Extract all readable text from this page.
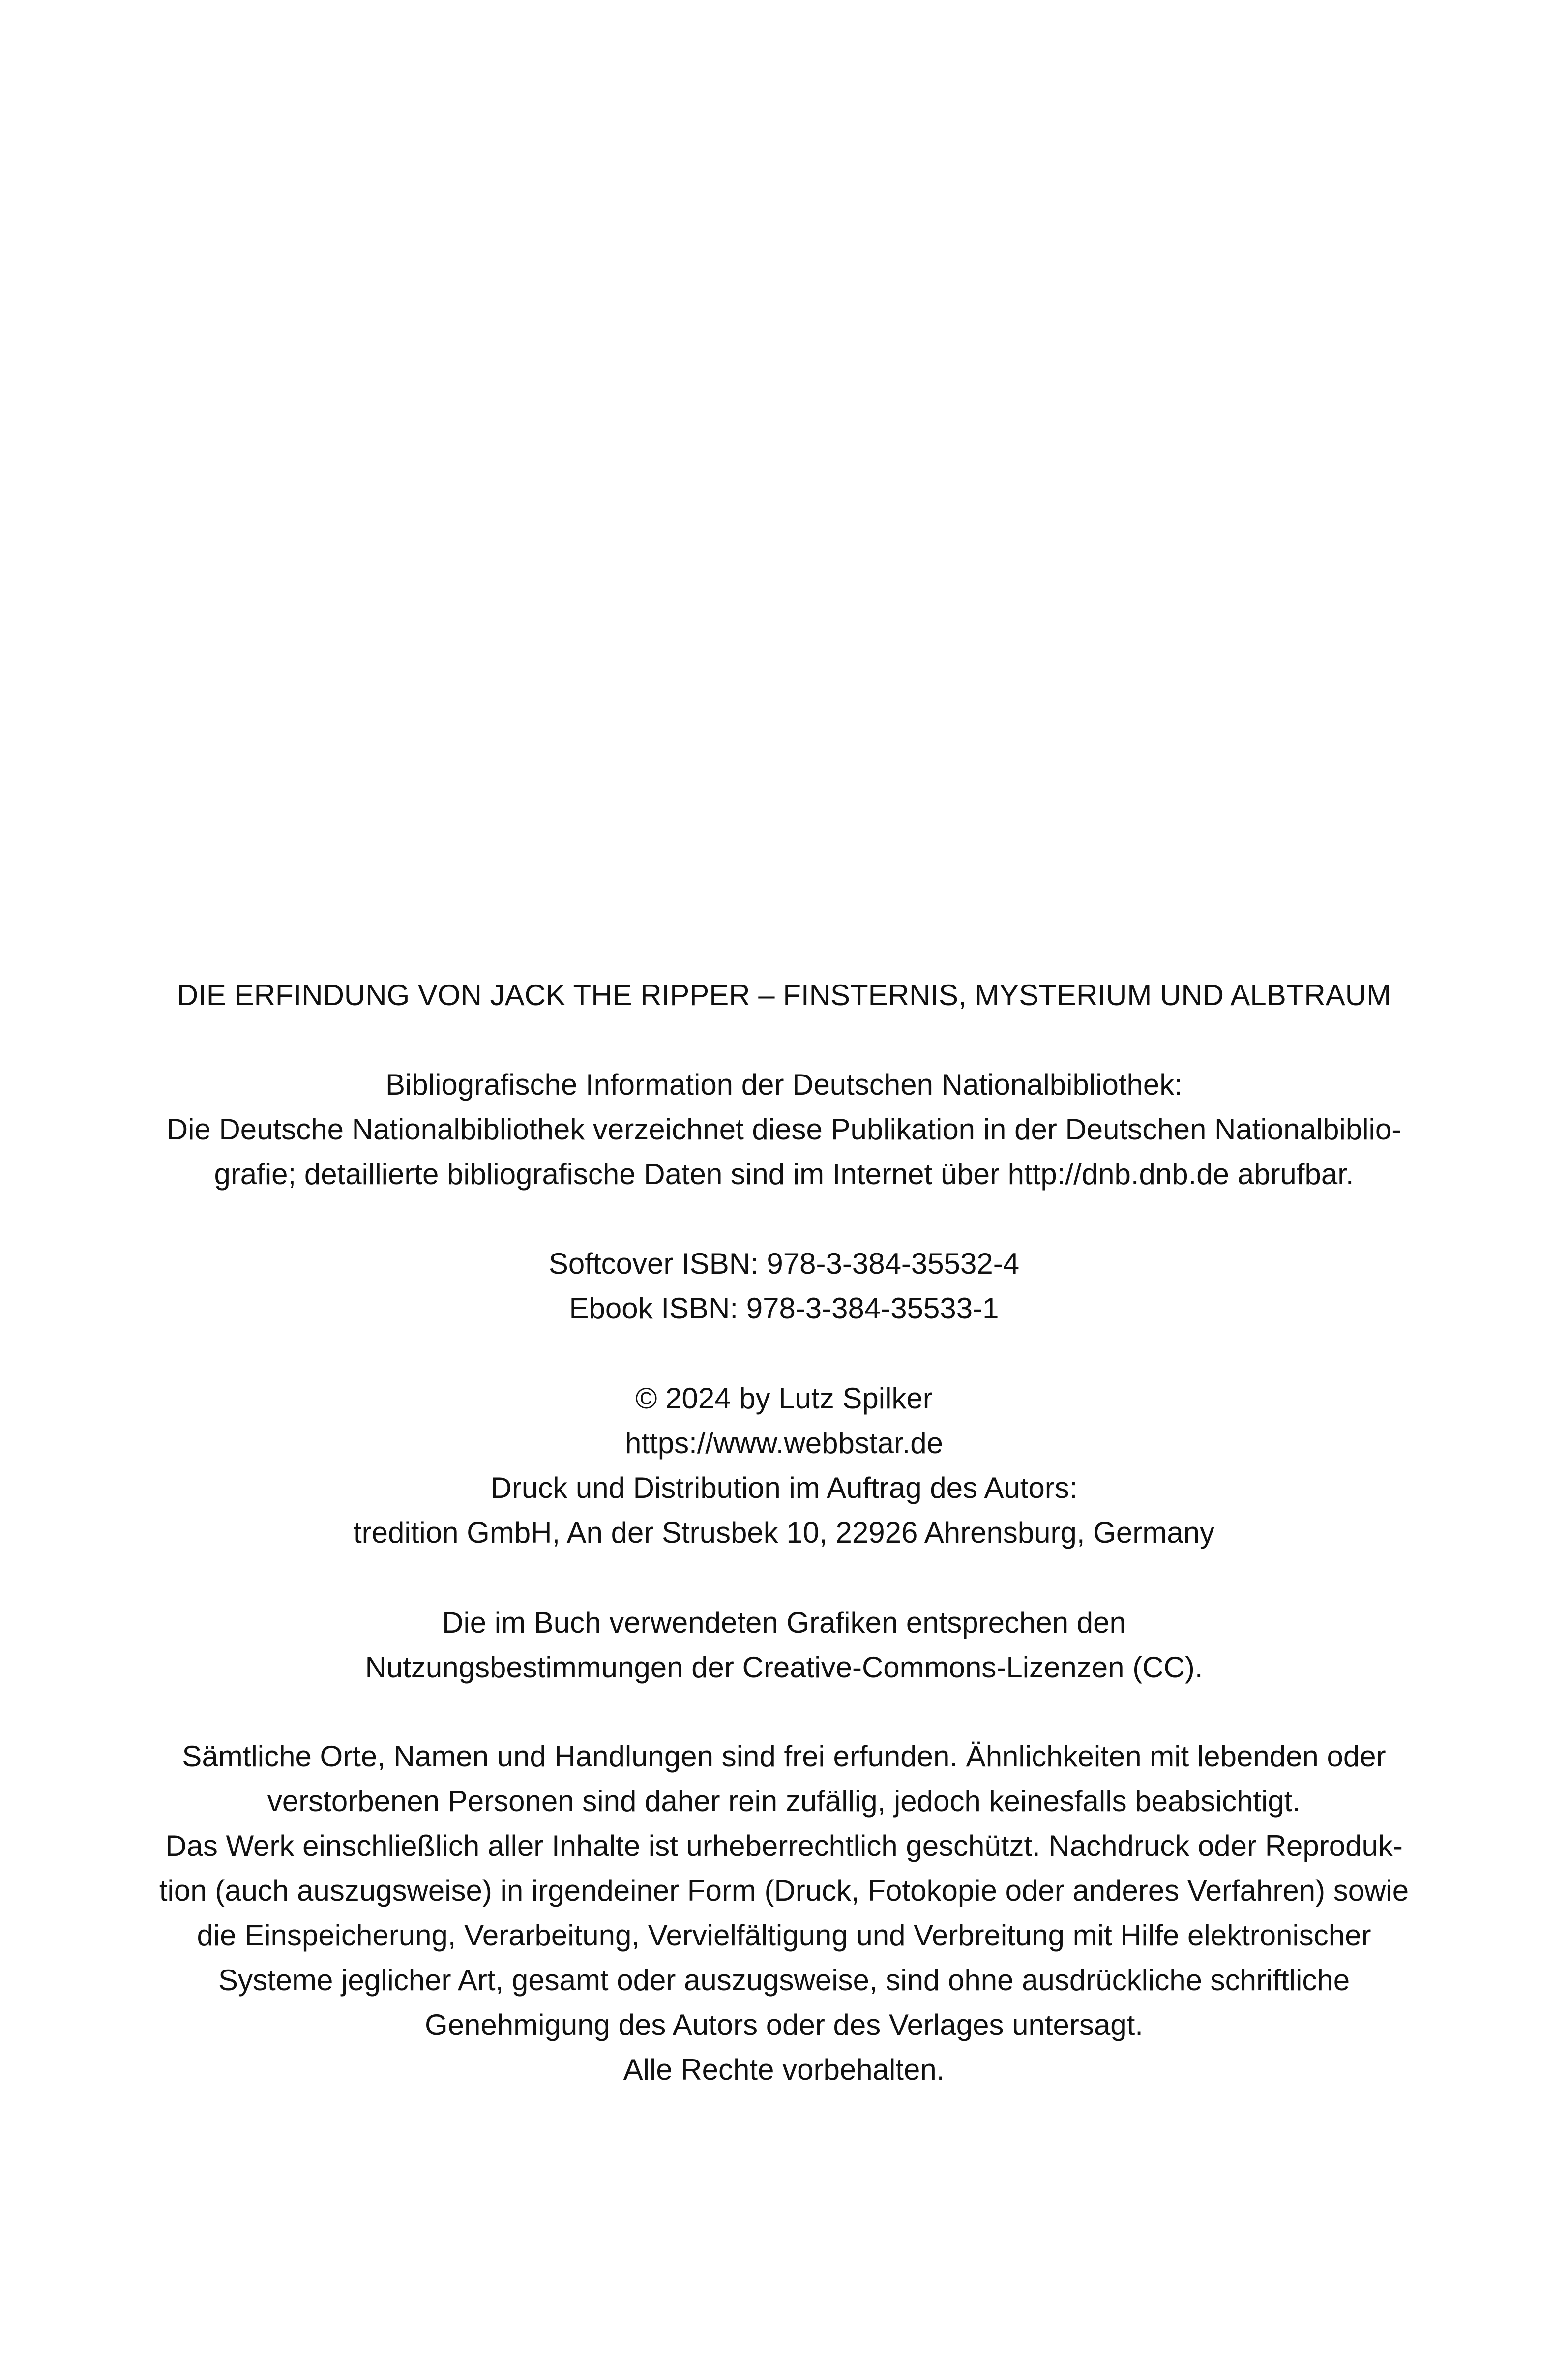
DIE ERFINDUNG VON JACK THE RIPPER – FINSTERNIS, MYSTERIUM UND ALBTRAUM
Bibliografische Information der Deutschen Nationalbibliothek:
Die Deutsche Nationalbibliothek verzeichnet diese Publikation in der Deutschen Nationalbiblio-
grafie; detaillierte bibliografische Daten sind im Internet über http://dnb.dnb.de abrufbar.
Softcover ISBN: 978-3-384-35532-4
Ebook ISBN: 978-3-384-35533-1
© 2024 by Lutz Spilker
https://www.webbstar.de
Druck und Distribution im Auftrag des Autors:
tredition GmbH, An der Strusbek 10, 22926 Ahrensburg, Germany
Die im Buch verwendeten Grafiken entsprechen den
Nutzungsbestimmungen der Creative-Commons-Lizenzen (CC).
Sämtliche Orte, Namen und Handlungen sind frei erfunden. Ähnlichkeiten mit lebenden oder
verstorbenen Personen sind daher rein zufällig, jedoch keinesfalls beabsichtigt.
Das Werk einschließlich aller Inhalte ist urheberrechtlich geschützt. Nachdruck oder Reproduk-
tion (auch auszugsweise) in irgendeiner Form (Druck, Fotokopie oder anderes Verfahren) sowie
die Einspeicherung, Verarbeitung, Vervielfältigung und Verbreitung mit Hilfe elektronischer
Systeme jeglicher Art, gesamt oder auszugsweise, sind ohne ausdrückliche schriftliche
Genehmigung des Autors oder des Verlages untersagt.
Alle Rechte vorbehalten.
